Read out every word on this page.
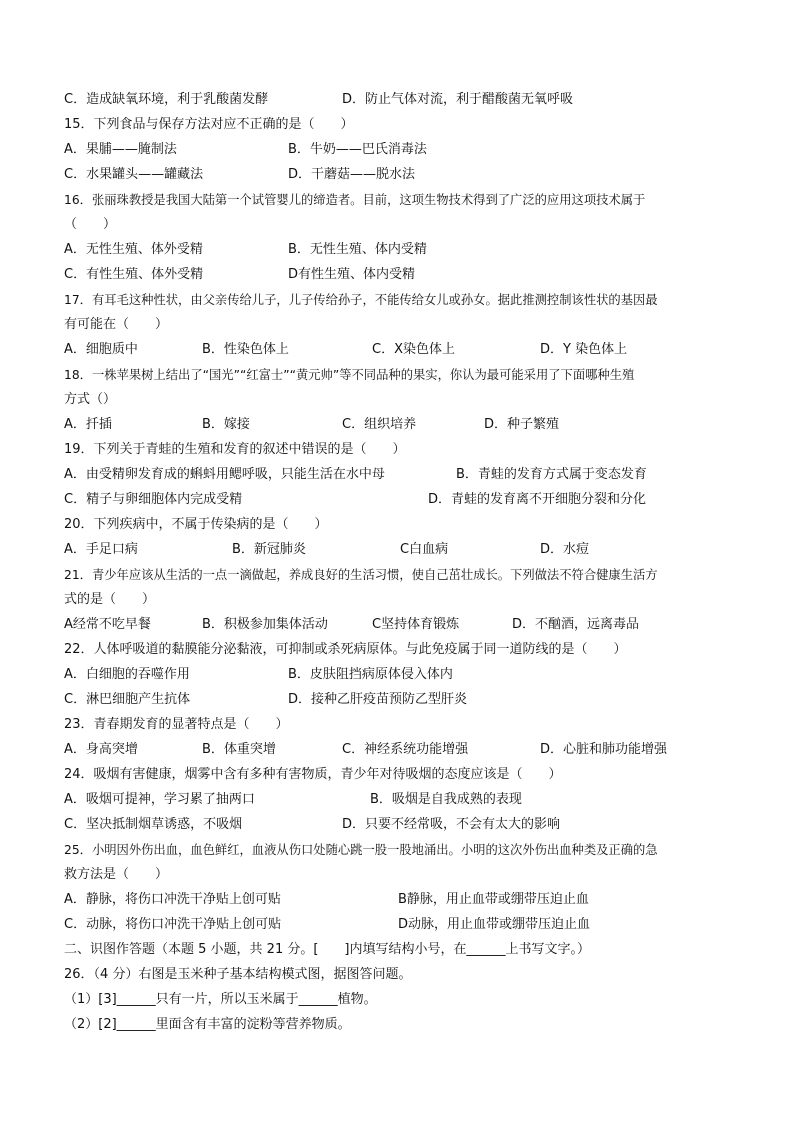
C．造成缺氧环境，利于乳酸菌发酵	D．防止气体对流，利于醋酸菌无氧呼吸
15．下列食品与保存方法对应不正确的是（　　）
A．果脯——腌制法	B．牛奶——巴氏消毒法
C．水果罐头——罐藏法	D．干蘑菇——脱水法
16．张丽珠教授是我国大陆第一个试管婴儿的缔造者。目前，这项生物技术得到了广泛的应用这项技术属于
（　　）
A．无性生殖、体外受精	B．无性生殖、体内受精
C．有性生殖、体外受精	D有性生殖、体内受精
17．有耳毛这种性状，由父亲传给儿子，儿子传给孙子，不能传给女儿或孙女。据此推测控制该性状的基因最
有可能在（　　）
A．细胞质中	B．性染色体上	C．X染色体上	D．Y 染色体上
18．一株苹果树上结出了“国光”“红富士”“黄元帅”等不同品种的果实，你认为最可能采用了下面哪种生殖
方式（）
A．扦插	B．嫁接	C．组织培养	D．种子繁殖
19．下列关于青蛙的生殖和发育的叙述中错误的是（　　）
A．由受精卵发育成的蝌蚪用鳃呼吸，只能生活在水中母	B．青蛙的发育方式属于变态发育
C．精子与卵细胞体内完成受精	D．青蛙的发育离不开细胞分裂和分化
20．下列疾病中，不属于传染病的是（　　）
A．手足口病	B．新冠肺炎	C白血病	D．水痘
21．青少年应该从生活的一点一滴做起，养成良好的生活习惯，使自己茁壮成长。下列做法不符合健康生活方
式的是（　　）
A经常不吃早餐	B．积极参加集体活动	C坚持体育锻炼	D．不酗酒，远离毒品
22．人体呼吸道的黏膜能分泌黏液，可抑制或杀死病原体。与此免疫属于同一道防线的是（　　）
A．白细胞的吞噬作用	B．皮肤阻挡病原体侵入体内
C．淋巴细胞产生抗体	D．接种乙肝疫苗预防乙型肝炎
23．青春期发育的显著特点是（　　）
A．身高突增	B．体重突增	C．神经系统功能增强	D．心脏和肺功能增强
24．吸烟有害健康，烟雾中含有多种有害物质，青少年对待吸烟的态度应该是（　　）
A．吸烟可提神，学习累了抽两口	B．吸烟是自我成熟的表现
C．坚决抵制烟草诱惑，不吸烟	D．只要不经常吸，不会有太大的影响
25．小明因外伤出血，血色鲜红，血液从伤口处随心跳一股一股地涌出。小明的这次外伤出血种类及正确的急
救方法是（　　）
A．静脉，将伤口冲洗干净贴上创可贴	B静脉，用止血带或绷带压迫止血
C．动脉，将伤口冲洗干净贴上创可贴	D动脉，用止血带或绷带压迫止血
二、识图作答题（本题 5 小题，共 21 分。[　　]内填写结构小号，在______上书写文字。）
26．（4 分）右图是玉米种子基本结构模式图，据图答问题。
（1）[3]______只有一片，所以玉米属于______植物。
（2）[2]______里面含有丰富的淀粉等营养物质。
